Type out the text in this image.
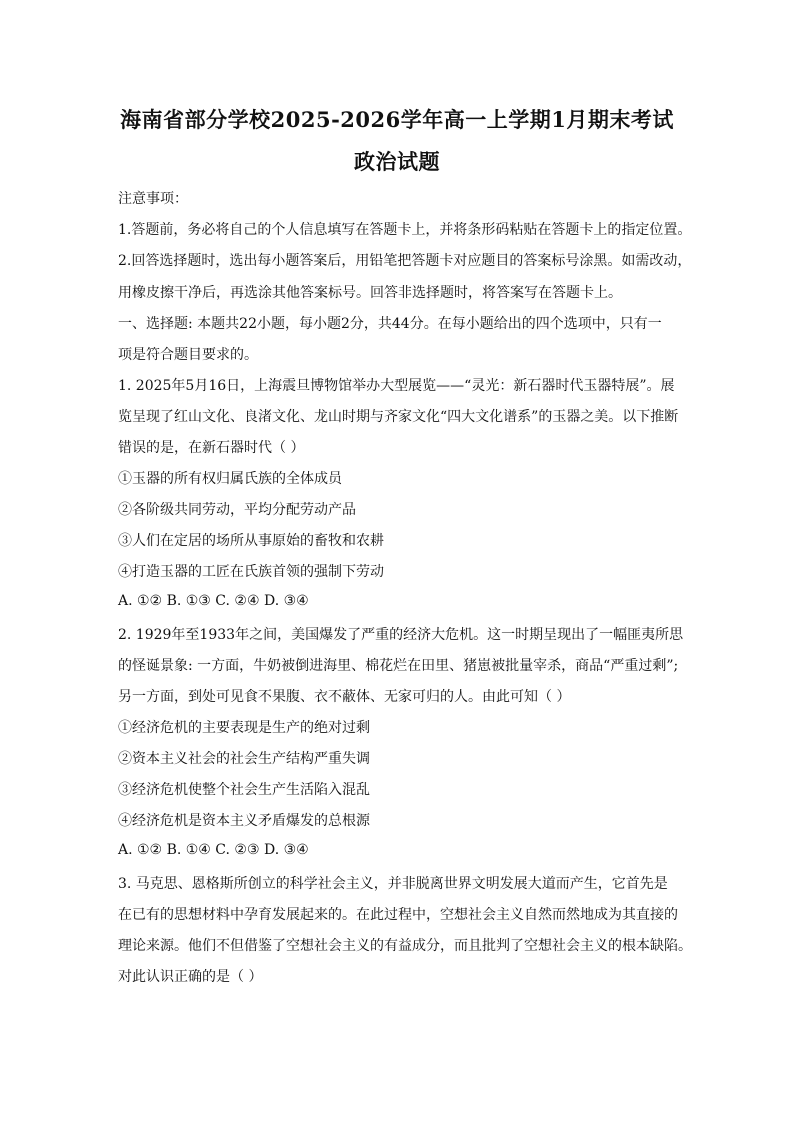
海南省部分学校2025-2026学年高一上学期1月期末考试
政治试题
注意事项：
1.答题前，务必将自己的个人信息填写在答题卡上，并将条形码粘贴在答题卡上的指定位置。
2.回答选择题时，选出每小题答案后，用铅笔把答题卡对应题目的答案标号涂黑。如需改动，
用橡皮擦干净后，再选涂其他答案标号。回答非选择题时，将答案写在答题卡上。
一、选择题: 本题共22小题，每小题2分，共44分。在每小题给出的四个选项中，只有一
项是符合题目要求的。
1. 2025年5月16日，上海震旦博物馆举办大型展览——“灵光：新石器时代玉器特展”。展
览呈现了红山文化、良渚文化、龙山时期与齐家文化“四大文化谱系”的玉器之美。以下推断
错误的是，在新石器时代（ ）
①玉器的所有权归属氏族的全体成员
②各阶级共同劳动，平均分配劳动产品
③人们在定居的场所从事原始的畜牧和农耕
④打造玉器的工匠在氏族首领的强制下劳动
A. ①② B. ①③ C. ②④ D. ③④
2. 1929年至1933年之间，美国爆发了严重的经济大危机。这一时期呈现出了一幅匪夷所思
的怪诞景象: 一方面，牛奶被倒进海里、棉花烂在田里、猪崽被批量宰杀，商品“严重过剩”;
另一方面，到处可见食不果腹、衣不蔽体、无家可归的人。由此可知（ ）
①经济危机的主要表现是生产的绝对过剩
②资本主义社会的社会生产结构严重失调
③经济危机使整个社会生产生活陷入混乱
④经济危机是资本主义矛盾爆发的总根源
A. ①② B. ①④ C. ②③ D. ③④
3. 马克思、恩格斯所创立的科学社会主义，并非脱离世界文明发展大道而产生，它首先是
在已有的思想材料中孕育发展起来的。在此过程中，空想社会主义自然而然地成为其直接的
理论来源。他们不但借鉴了空想社会主义的有益成分，而且批判了空想社会主义的根本缺陷。
对此认识正确的是（ ）
